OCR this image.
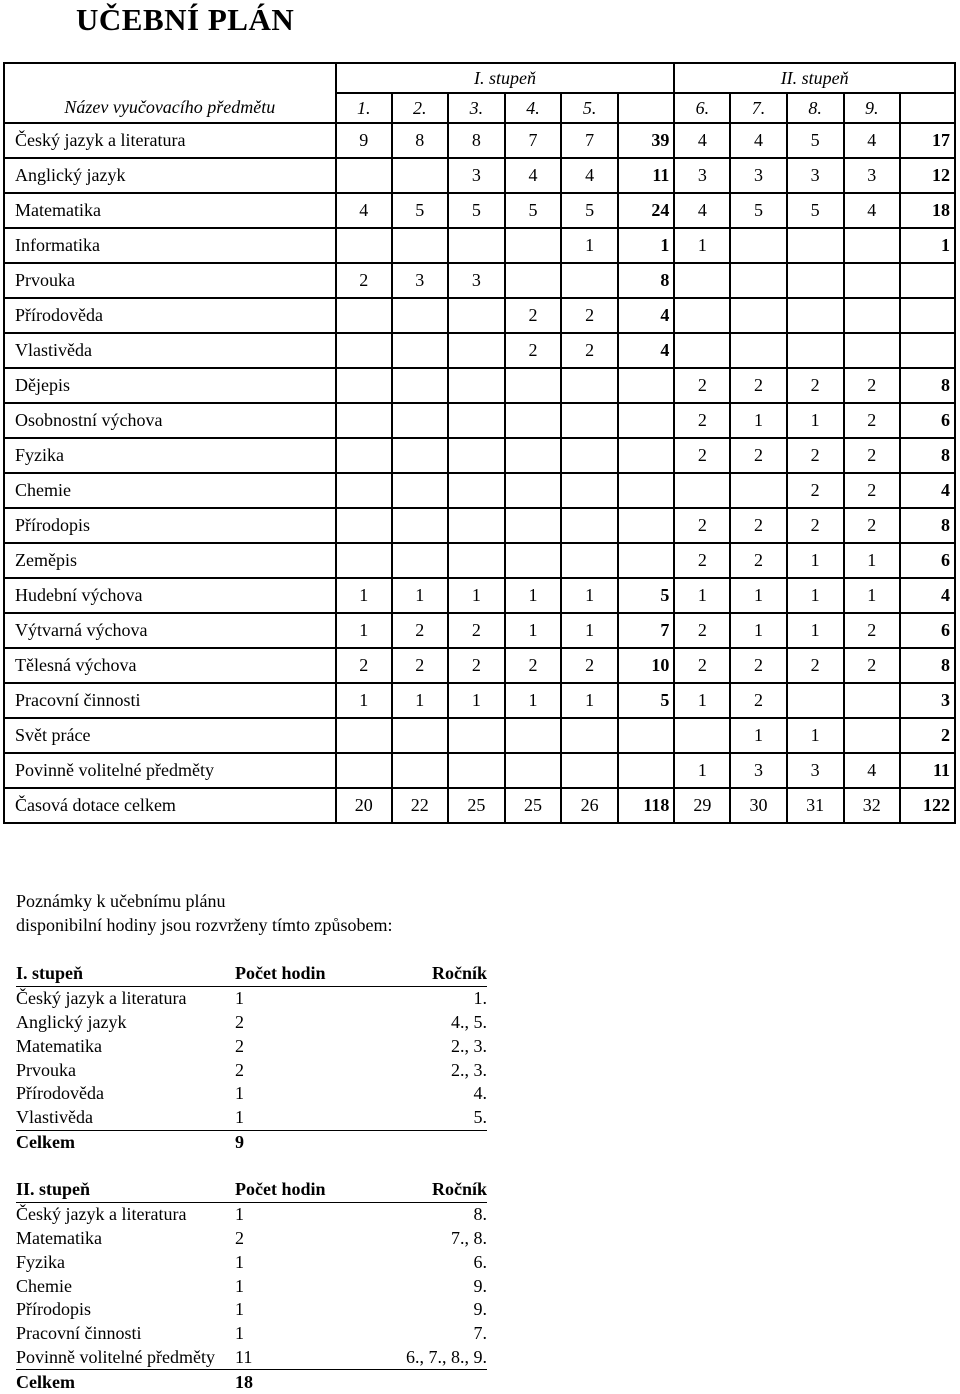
UČEBNÍ PLÁN
Název vyučovacího předmětu	I. stupeň						II. stupeň				
	1.	2.	3.	4.	5.		6.	7.	8.	9.	
Český jazyk a literatura	9	8	8	7	7	39	4	4	5	4	17
Anglický jazyk			3	4	4	11	3	3	3	3	12
Matematika	4	5	5	5	5	24	4	5	5	4	18
Informatika					1	1	1				1
Prvouka	2	3	3			8					
Přírodověda				2	2	4					
Vlastivěda				2	2	4					
Dějepis							2	2	2	2	8
Osobnostní výchova							2	1	1	2	6
Fyzika							2	2	2	2	8
Chemie									2	2	4
Přírodopis							2	2	2	2	8
Zeměpis							2	2	1	1	6
Hudební výchova	1	1	1	1	1	5	1	1	1	1	4
Výtvarná výchova	1	2	2	1	1	7	2	1	1	2	6
Tělesná výchova	2	2	2	2	2	10	2	2	2	2	8
Pracovní činnosti	1	1	1	1	1	5	1	2			3
Svět práce								1	1		2
Povinně volitelné předměty							1	3	3	4	11
Časová dotace celkem	20	22	25	25	26	118	29	30	31	32	122
Poznámky k učebnímu plánu
disponibilní hodiny jsou rozvrženy tímto způsobem:
I. stupeň	Počet hodin	Ročník
Český jazyk a literatura	1	1.
Anglický jazyk	2	4., 5.
Matematika	2	2., 3.
Prvouka	2	2., 3.
Přírodověda	1	4.
Vlastivěda	1	5.
Celkem	9	
II. stupeň	Počet hodin	Ročník
Český jazyk a literatura	1	8.
Matematika	2	7., 8.
Fyzika	1	6.
Chemie	1	9.
Přírodopis	1	9.
Pracovní činnosti	1	7.
Povinně volitelné předměty	11	6., 7., 8., 9.
Celkem	18	
